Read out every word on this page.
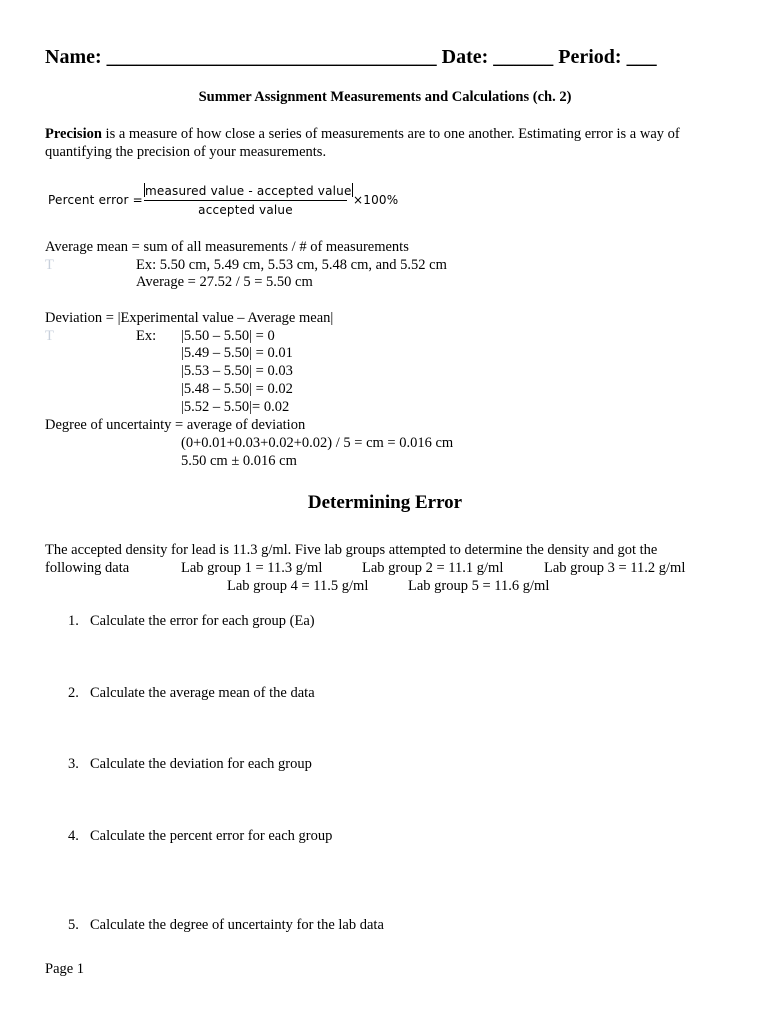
Name: _________________________________ Date: ______ Period: ___
Summer Assignment Measurements and Calculations (ch. 2)
Precision is a measure of how close a series of measurements are to one another. Estimating error is a way of
quantifying the precision of your measurements.
Percent error =
measured value - accepted value
accepted value
×100%
Average mean = sum of all measurements / # of measurements
T	Ex: 5.50 cm, 5.49 cm, 5.53 cm, 5.48 cm, and 5.52 cm
Average = 27.52 / 5 = 5.50 cm
Deviation = |Experimental value – Average mean|
T	Ex: |5.50 – 5.50| = 0
|5.49 – 5.50| = 0.01
|5.53 – 5.50| = 0.03
|5.48 – 5.50| = 0.02
|5.52 – 5.50|= 0.02
Degree of uncertainty = average of deviation
(0+0.01+0.03+0.02+0.02) / 5 = cm = 0.016 cm
5.50 cm ± 0.016 cm
Determining Error
The accepted density for lead is 11.3 g/ml. Five lab groups attempted to determine the density and got the
following data	Lab group 1 = 11.3 g/ml	Lab group 2 = 11.1 g/ml	Lab group 3 = 11.2 g/ml
Lab group 4 = 11.5 g/ml	Lab group 5 = 11.6 g/ml
1. Calculate the error for each group (Ea)
2. Calculate the average mean of the data
3. Calculate the deviation for each group
4. Calculate the percent error for each group
5. Calculate the degree of uncertainty for the lab data
Page 1
